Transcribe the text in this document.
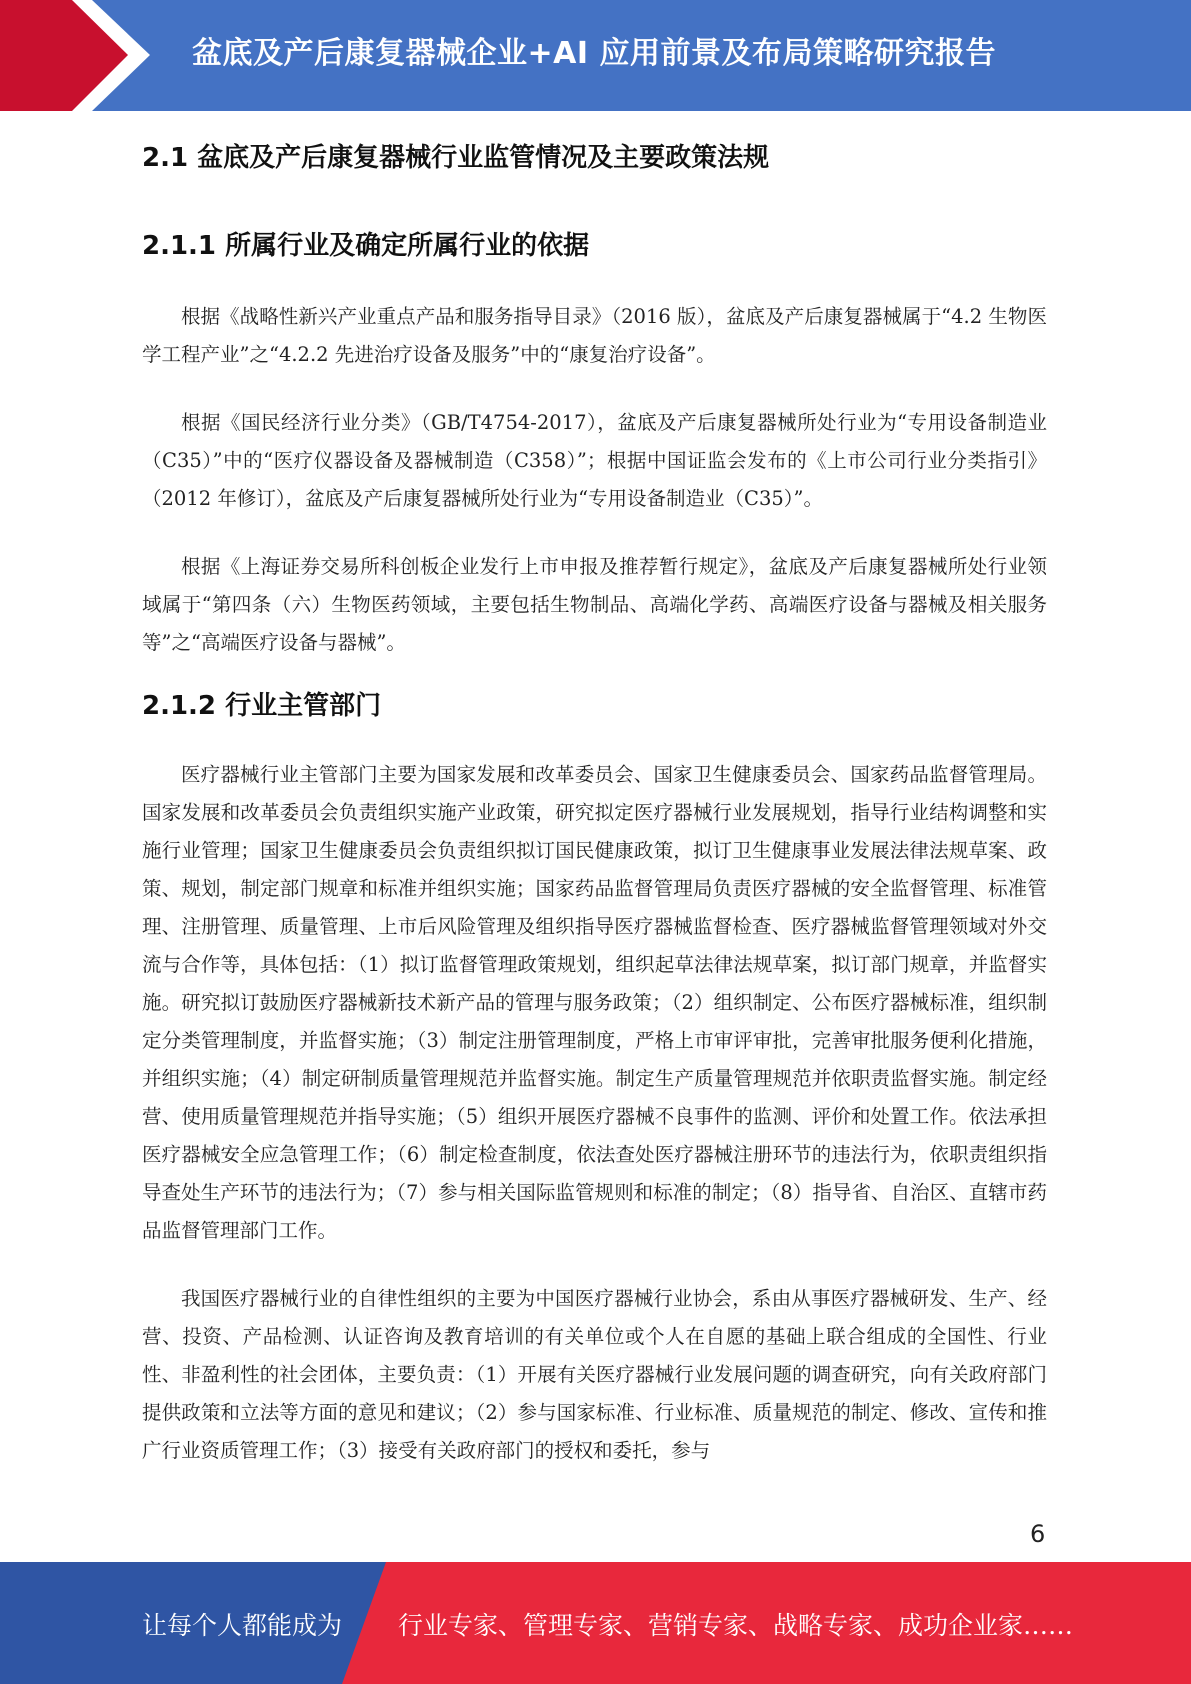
盆底及产后康复器械企业+AI 应用前景及布局策略研究报告
2.1 盆底及产后康复器械行业监管情况及主要政策法规
2.1.1 所属行业及确定所属行业的依据

根据《战略性新兴产业重点产品和服务指导目录》（2016 版），盆底及产后康复器械属于“4.2 生物医学工程产业”之“4.2.2 先进治疗设备及服务”中的“康复治疗设备”。

根据《国民经济行业分类》（GB/T4754-2017），盆底及产后康复器械所处行业为“专用设备制造业（C35）”中的“医疗仪器设备及器械制造（C358）”；根据中国证监会发布的《上市公司行业分类指引》（2012 年修订），盆底及产后康复器械所处行业为“专用设备制造业（C35）”。

根据《上海证券交易所科创板企业发行上市申报及推荐暂行规定》，盆底及产后康复器械所处行业领域属于“第四条（六）生物医药领域，主要包括生物制品、高端化学药、高端医疗设备与器械及相关服务等”之“高端医疗设备与器械”。

2.1.2 行业主管部门

医疗器械行业主管部门主要为国家发展和改革委员会、国家卫生健康委员会、国家药品监督管理局。国家发展和改革委员会负责组织实施产业政策，研究拟定医疗器械行业发展规划，指导行业结构调整和实施行业管理；国家卫生健康委员会负责组织拟订国民健康政策，拟订卫生健康事业发展法律法规草案、政策、规划，制定部门规章和标准并组织实施；国家药品监督管理局负责医疗器械的安全监督管理、标准管理、注册管理、质量管理、上市后风险管理及组织指导医疗器械监督检查、医疗器械监督管理领域对外交流与合作等，具体包括：（1）拟订监督管理政策规划，组织起草法律法规草案，拟订部门规章，并监督实施。研究拟订鼓励医疗器械新技术新产品的管理与服务政策；（2）组织制定、公布医疗器械标准，组织制定分类管理制度，并监督实施；（3）制定注册管理制度，严格上市审评审批，完善审批服务便利化措施，并组织实施；（4）制定研制质量管理规范并监督实施。制定生产质量管理规范并依职责监督实施。制定经营、使用质量管理规范并指导实施；（5）组织开展医疗器械不良事件的监测、评价和处置工作。依法承担医疗器械安全应急管理工作；（6）制定检查制度，依法查处医疗器械注册环节的违法行为，依职责组织指导查处生产环节的违法行为；（7）参与相关国际监管规则和标准的制定；（8）指导省、自治区、直辖市药品监督管理部门工作。

我国医疗器械行业的自律性组织的主要为中国医疗器械行业协会，系由从事医疗器械研发、生产、经营、投资、产品检测、认证咨询及教育培训的有关单位或个人在自愿的基础上联合组成的全国性、行业性、非盈利性的社会团体，主要负责：（1）开展有关医疗器械行业发展问题的调查研究，向有关政府部门提供政策和立法等方面的意见和建议；（2）参与国家标准、行业标准、质量规范的制定、修改、宣传和推广行业资质管理工作；（3）接受有关政府部门的授权和委托，参与

6
让每个人都能成为 行业专家、管理专家、营销专家、战略专家、成功企业家……
